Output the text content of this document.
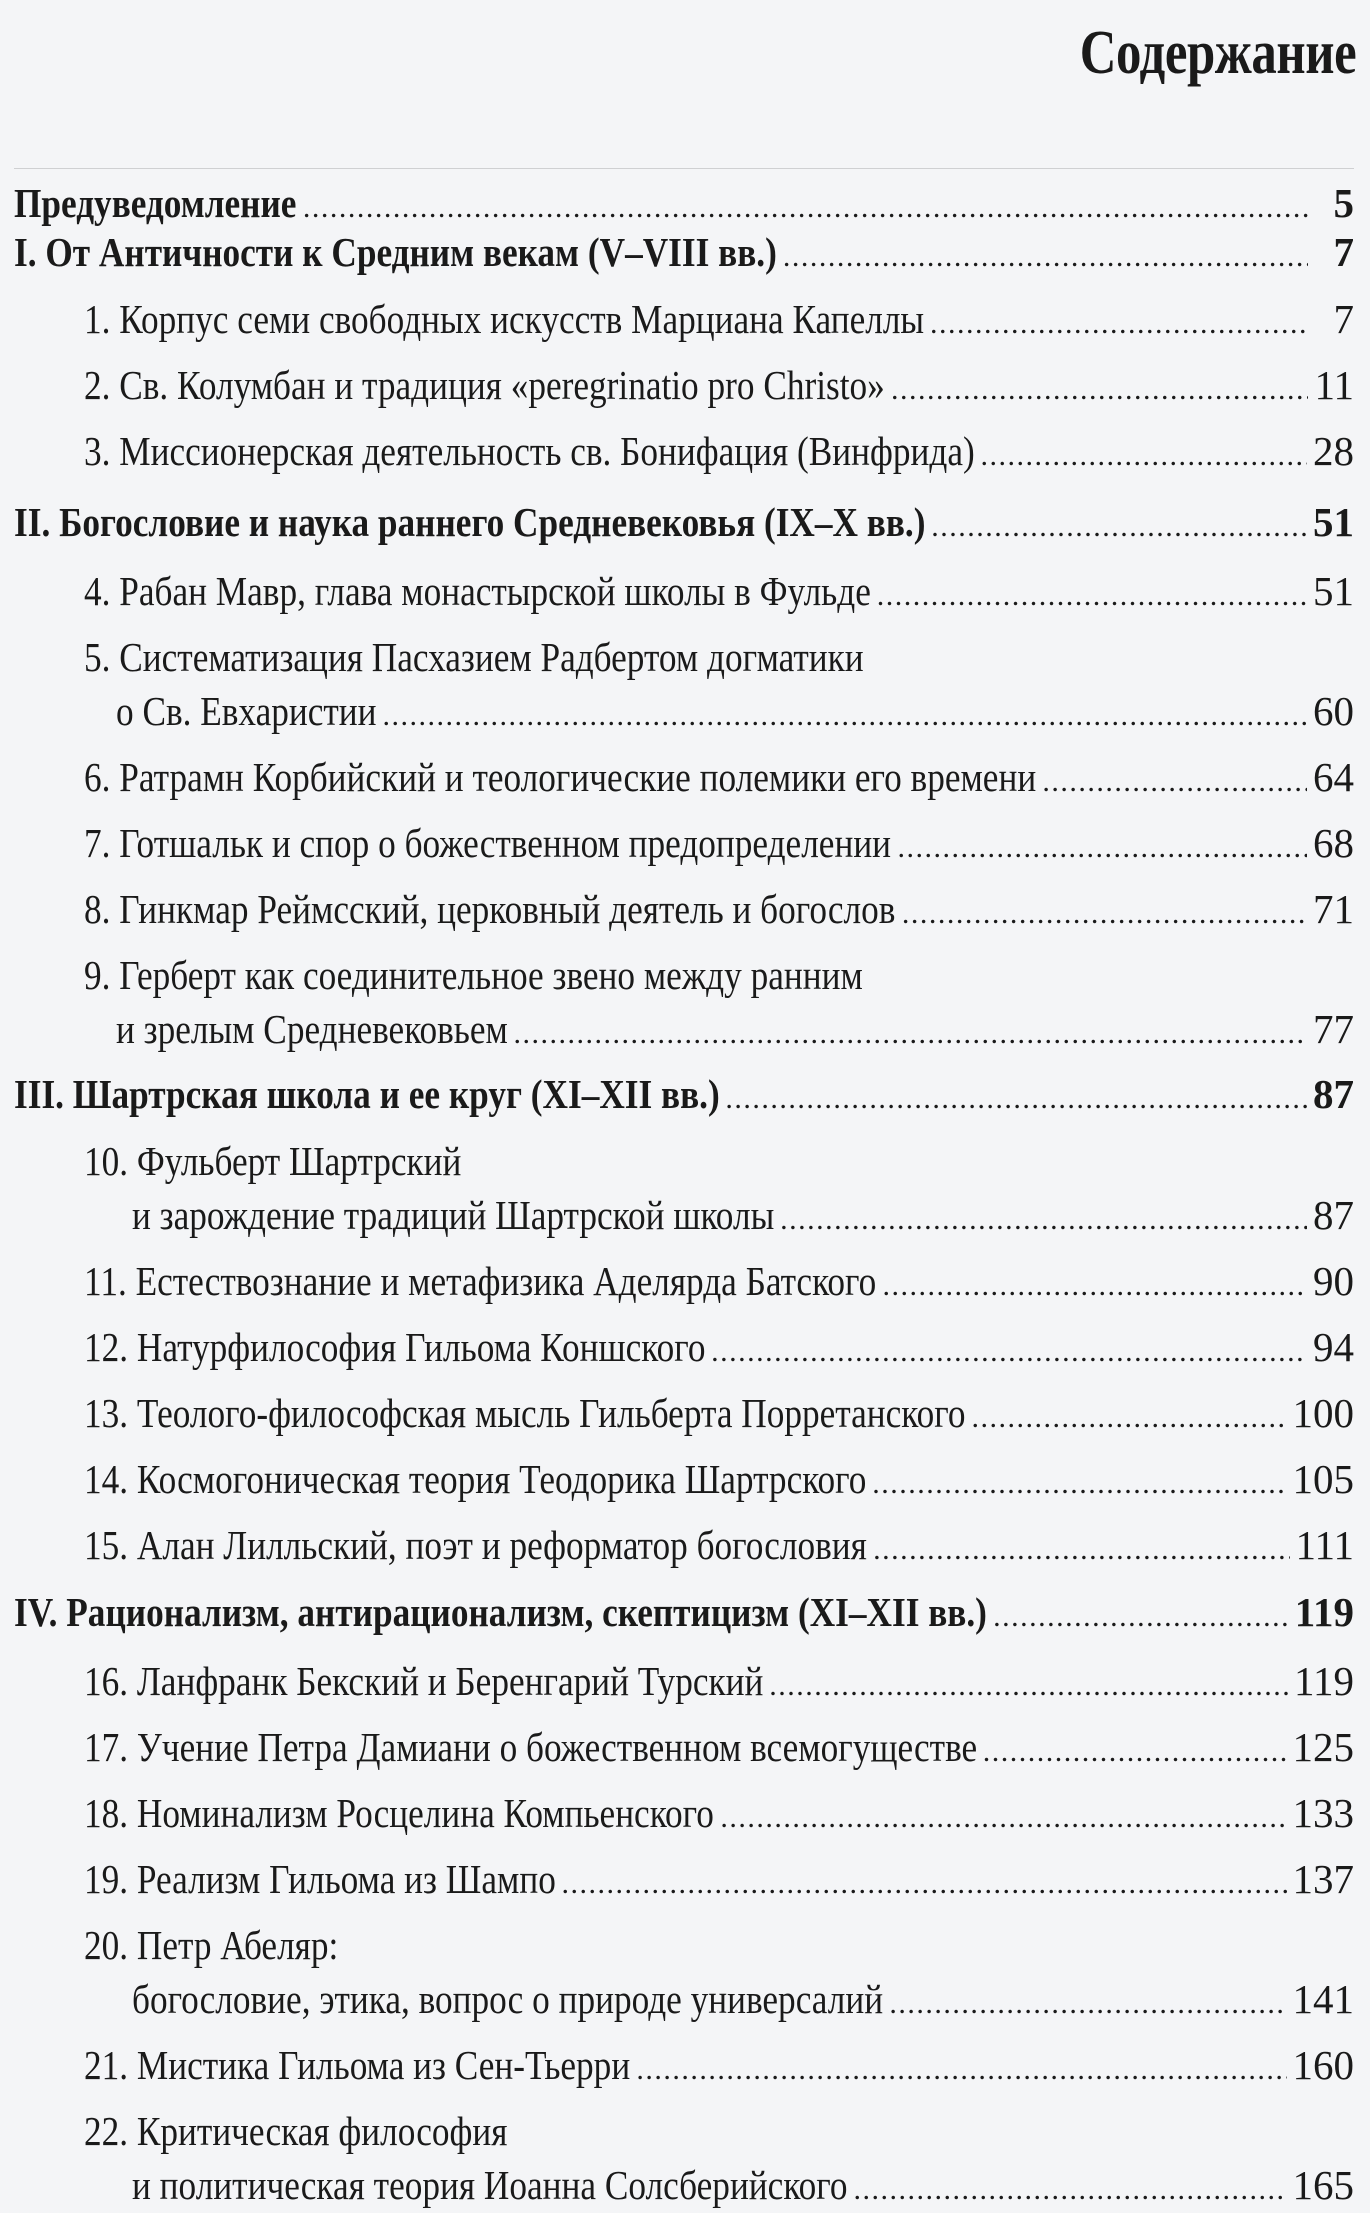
Содержание
Предуведомление . . .	5
I. От Античности к Средним векам (V–VIII вв.) . . .	7
1. Корпус семи свободных искусств Марциана Капеллы . . .	7
2. Св. Колумбан и традиция «peregrinatio pro Christo» . . .	11
3. Миссионерская деятельность св. Бонифация (Винфрида) . . .	28
II. Богословие и наука раннего Средневековья (IX–X вв.) . . .	51
4. Рабан Мавр, глава монастырской школы в Фульде . . .	51
5. Систематизация Пасхазием Радбертом догматики
о Св. Евхаристии . . .	60
6. Ратрамн Корбийский и теологические полемики его времени . . .	64
7. Готшальк и спор о божественном предопределении . . .	68
8. Гинкмар Реймсский, церковный деятель и богослов . . .	71
9. Герберт как соединительное звено между ранним
и зрелым Средневековьем . . .	77
III. Шартрская школа и ее круг (XI–XII вв.) . . .	87
10. Фульберт Шартрский
и зарождение традиций Шартрской школы . . .	87
11. Естествознание и метафизика Аделярда Батского . . .	90
12. Натурфилософия Гильома Коншского . . .	94
13. Теолого-философская мысль Гильберта Порретанского . . .	100
14. Космогоническая теория Теодорика Шартрского . . .	105
15. Алан Лилльский, поэт и реформатор богословия . . .	111
IV. Рационализм, антирационализм, скептицизм (XI–XII вв.) . . .	119
16. Ланфранк Бекский и Беренгарий Турский . . .	119
17. Учение Петра Дамиани о божественном всемогуществе . . .	125
18. Номинализм Росцелина Компьенского . . .	133
19. Реализм Гильома из Шампо . . .	137
20. Петр Абеляр:
богословие, этика, вопрос о природе универсалий . . .	141
21. Мистика Гильома из Сен-Тьерри . . .	160
22. Критическая философия
и политическая теория Иоанна Солсберийского . . .	165
